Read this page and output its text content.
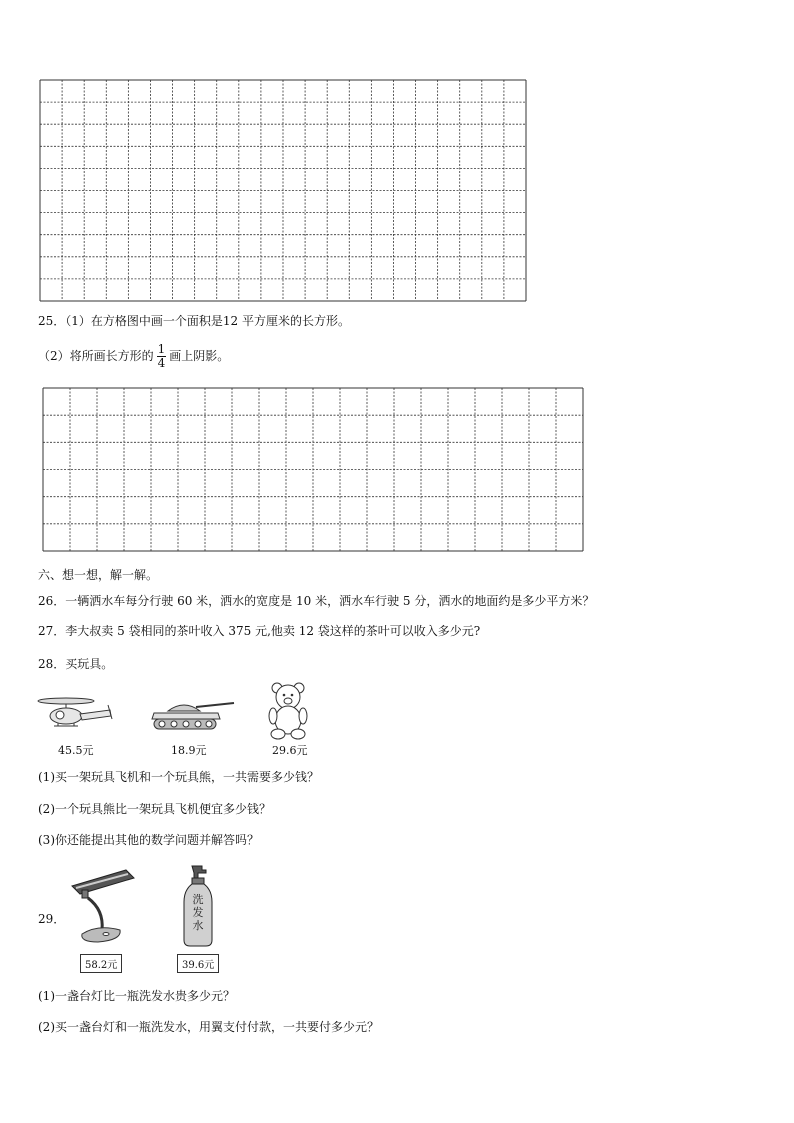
25．（1）在方格图中画一个面积是12 平方厘米的长方形。
（2）将所画长方形的 $\frac{1}{4}$ 画上阴影。
六、想一想，解一解。
26．一辆洒水车每分行驶 60 米，洒水的宽度是 10 米，洒水车行驶 5 分，洒水的地面约是多少平方米？
27．李大叔卖 5 袋相同的茶叶收入 375 元,他卖 12 袋这样的茶叶可以收入多少元?
28．买玩具。
45.5元	18.9元	29.6元
(1)买一架玩具飞机和一个玩具熊，一共需要多少钱？
(2)一个玩具熊比一架玩具飞机便宜多少钱？
(3)你还能提出其他的数学问题并解答吗？
29．
洗
发
水
58.2元	39.6元
(1)一盏台灯比一瓶洗发水贵多少元？
(2)买一盏台灯和一瓶洗发水，用翼支付付款，一共要付多少元？
